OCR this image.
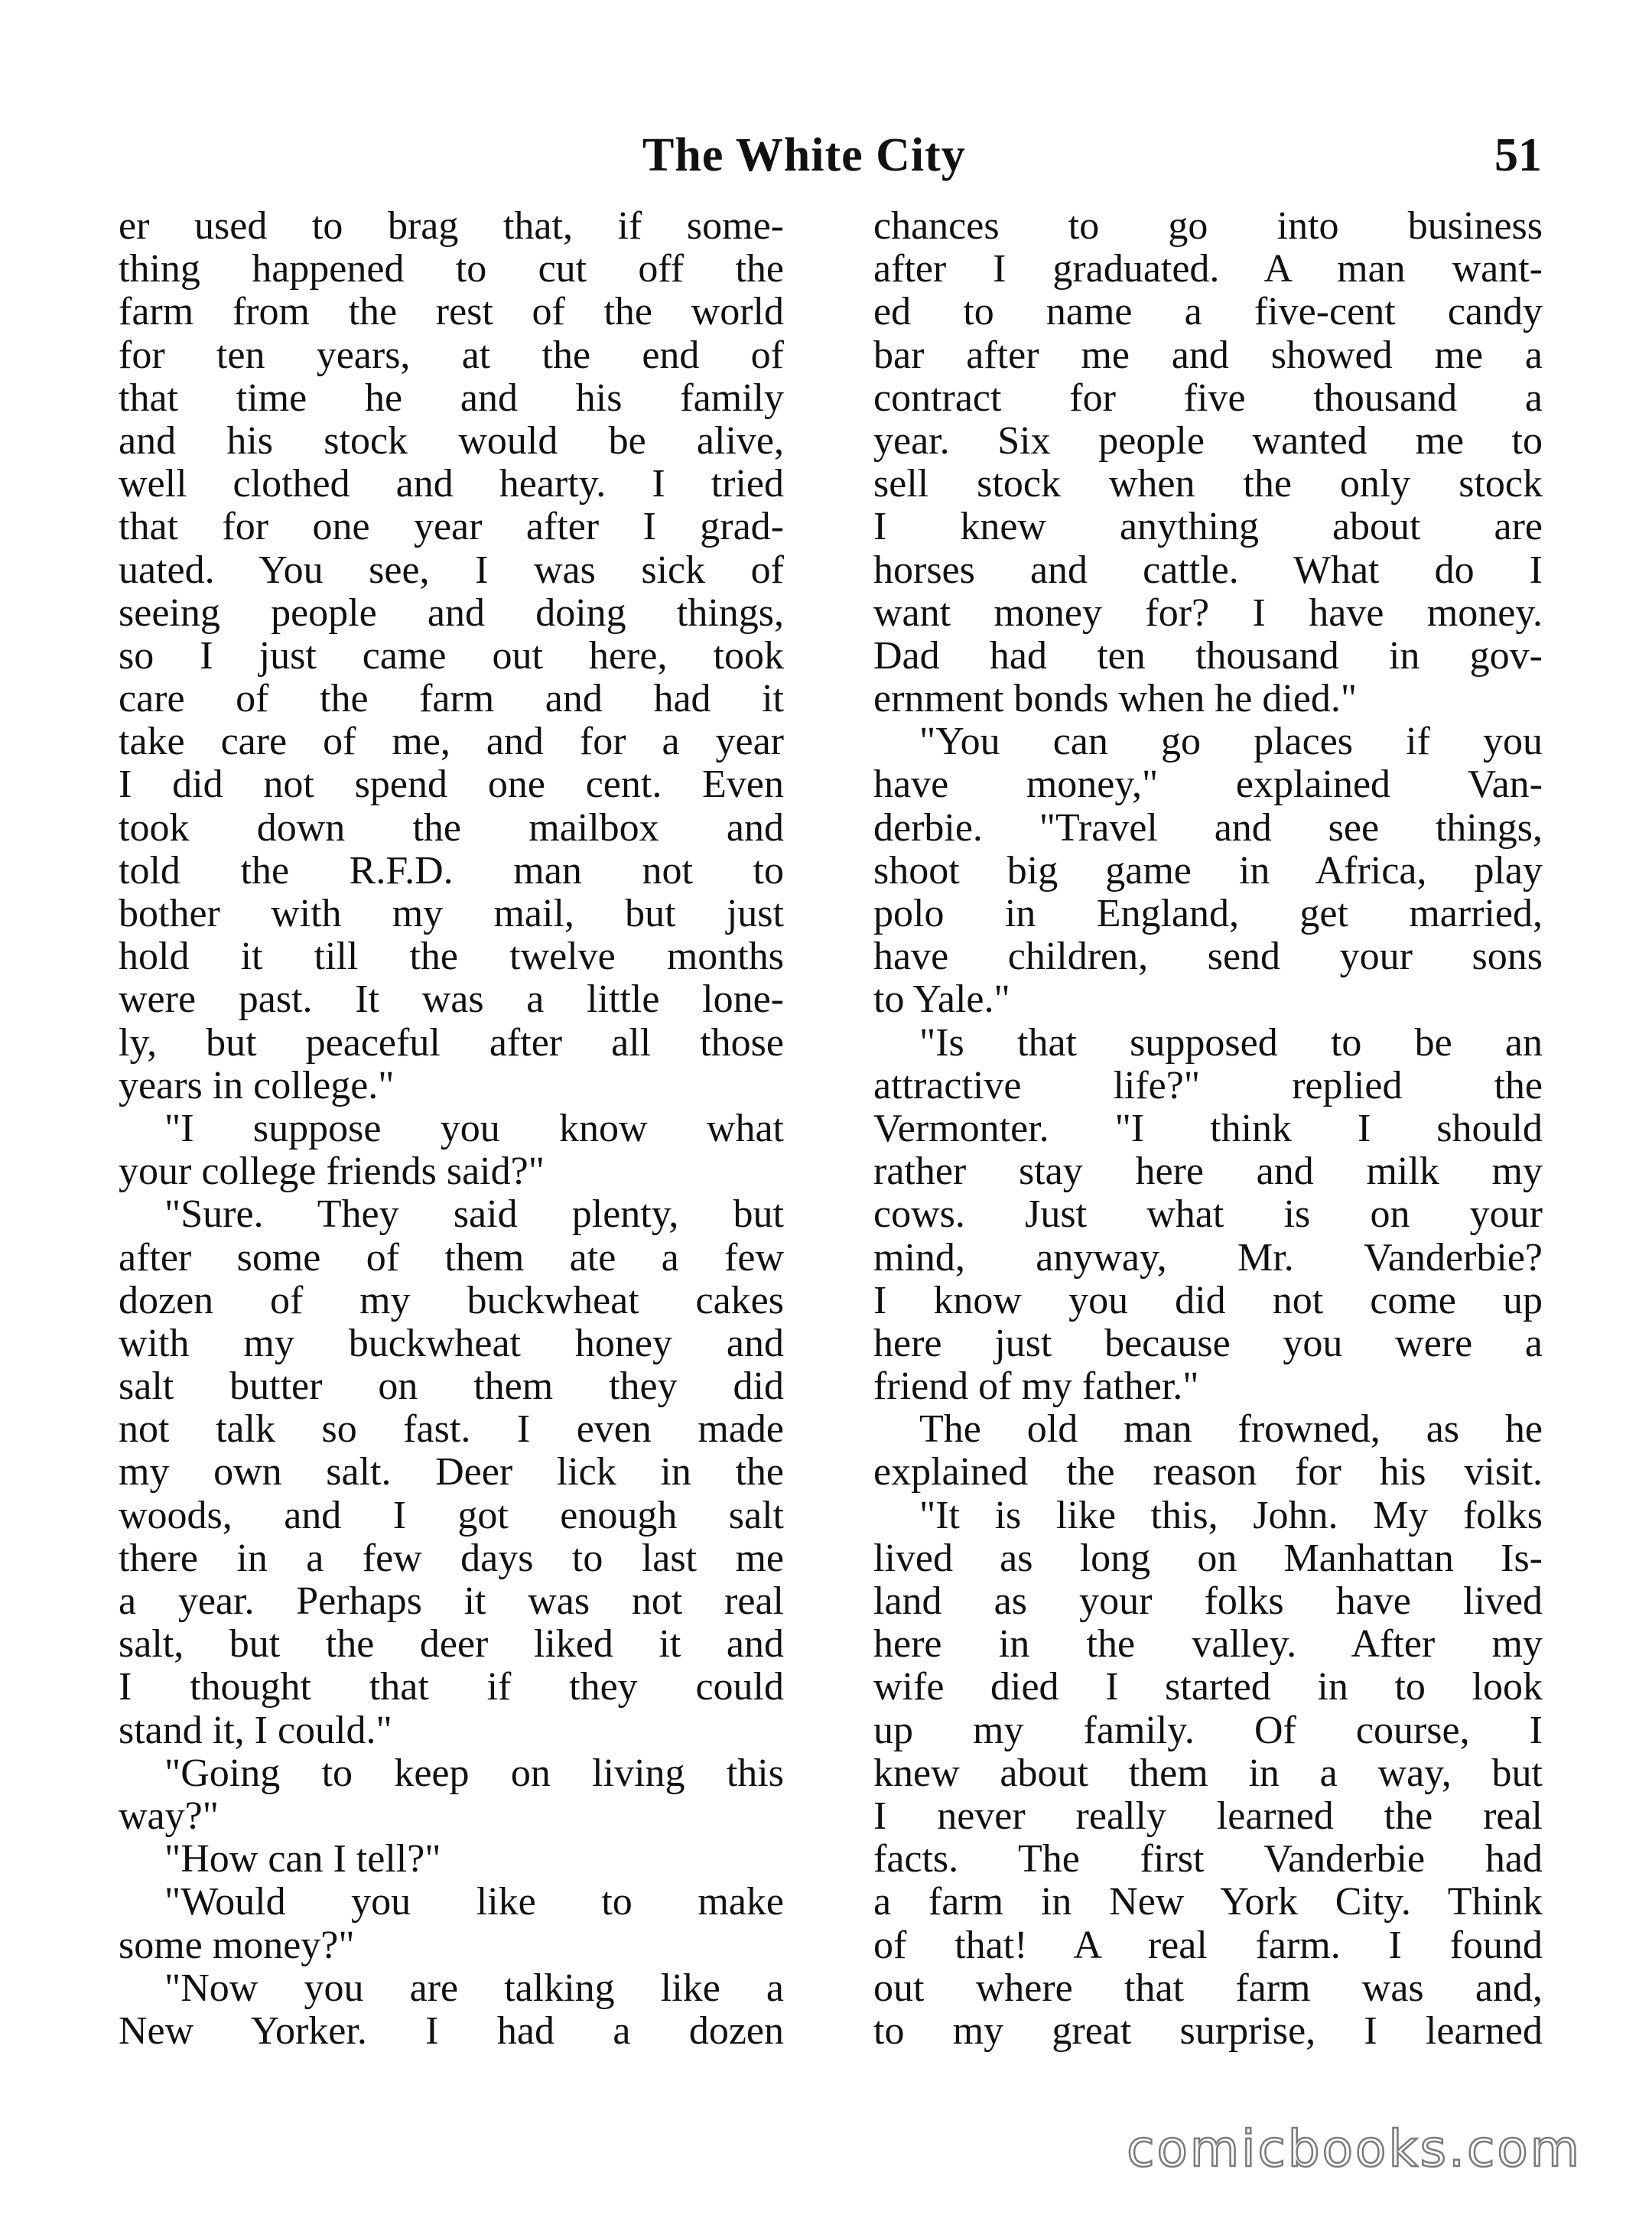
The White City	51
er used to brag that, if some-
thing happened to cut off the
farm from the rest of the world
for ten years, at the end of
that time he and his family
and his stock would be alive,
well clothed and hearty. I tried
that for one year after I grad-
uated. You see, I was sick of
seeing people and doing things,
so I just came out here, took
care of the farm and had it
take care of me, and for a year
I did not spend one cent. Even
took down the mailbox and
told the R.F.D. man not to
bother with my mail, but just
hold it till the twelve months
were past. It was a little lone-
ly, but peaceful after all those
years in college."
"I suppose you know what
your college friends said?"
"Sure. They said plenty, but
after some of them ate a few
dozen of my buckwheat cakes
with my buckwheat honey and
salt butter on them they did
not talk so fast. I even made
my own salt. Deer lick in the
woods, and I got enough salt
there in a few days to last me
a year. Perhaps it was not real
salt, but the deer liked it and
I thought that if they could
stand it, I could."
"Going to keep on living this
way?"
"How can I tell?"
"Would you like to make
some money?"
"Now you are talking like a
New Yorker. I had a dozen
chances to go into business
after I graduated. A man want-
ed to name a five-cent candy
bar after me and showed me a
contract for five thousand a
year. Six people wanted me to
sell stock when the only stock
I knew anything about are
horses and cattle. What do I
want money for? I have money.
Dad had ten thousand in gov-
ernment bonds when he died."
"You can go places if you
have money," explained Van-
derbie. "Travel and see things,
shoot big game in Africa, play
polo in England, get married,
have children, send your sons
to Yale."
"Is that supposed to be an
attractive life?" replied the
Vermonter. "I think I should
rather stay here and milk my
cows. Just what is on your
mind, anyway, Mr. Vanderbie?
I know you did not come up
here just because you were a
friend of my father."
The old man frowned, as he
explained the reason for his visit.
"It is like this, John. My folks
lived as long on Manhattan Is-
land as your folks have lived
here in the valley. After my
wife died I started in to look
up my family. Of course, I
knew about them in a way, but
I never really learned the real
facts. The first Vanderbie had
a farm in New York City. Think
of that! A real farm. I found
out where that farm was and,
to my great surprise, I learned
comicbooks.com
